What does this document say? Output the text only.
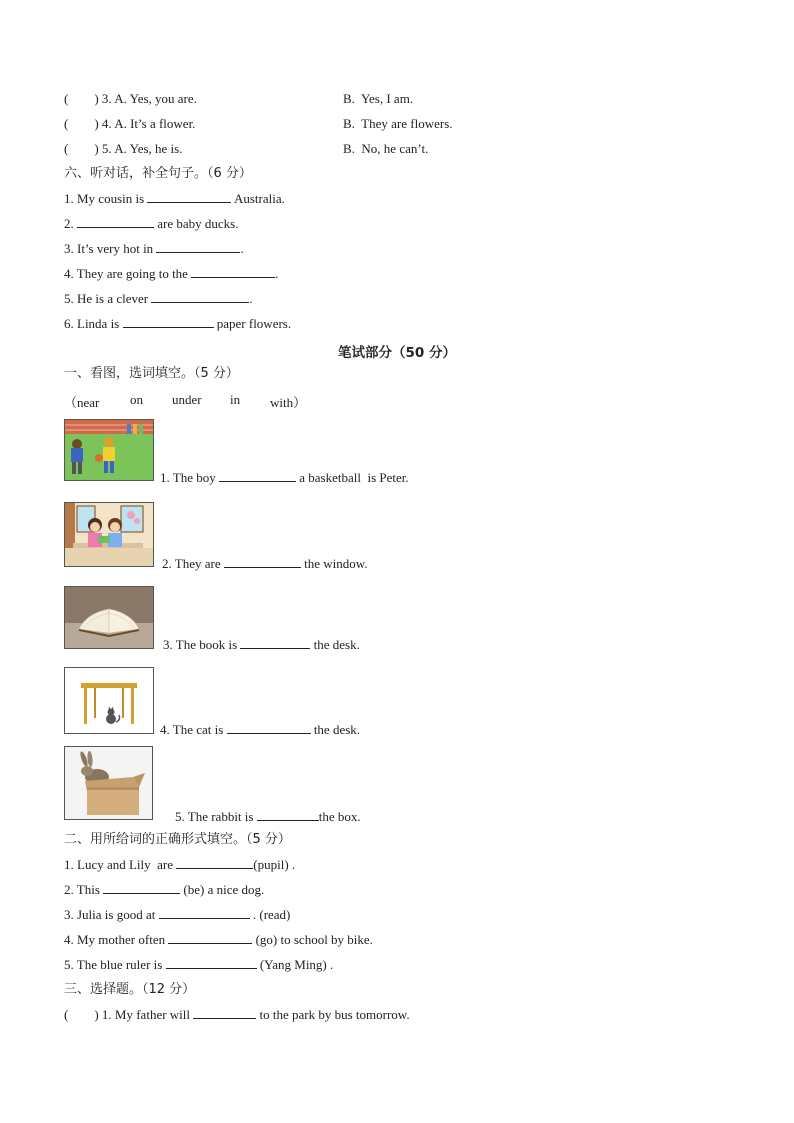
(        ) 3. A. Yes, you are.	B.  Yes, I am.
(        ) 4. A. It’s a flower.	B.  They are flowers.
(        ) 5. A. Yes, he is.	B.  No, he can’t.
六、听对话，补全句子。（6 分）
1. My cousin is	Australia.
2.	are baby ducks.
3. It’s very hot in	.
4. They are going to the	.
5. He is a clever	.
6. Linda is	paper flowers.
笔试部分（50 分）
一、看图，选词填空。（5 分）
（near on under in with）
1. The boy	a basketball  is Peter.
2. They are	the window.
3. The book is	the desk.
4. The cat is	the desk.
5. The rabbit is	the box.
二、用所给词的正确形式填空。（5 分）
1. Lucy and Lily  are	(pupil) .
2. This	(be) a nice dog.
3. Julia is good at	. (read)
4. My mother often	(go) to school by bike.
5. The blue ruler is	(Yang Ming) .
三、选择题。（12 分）
(        ) 1. My father will	to the park by bus tomorrow.
